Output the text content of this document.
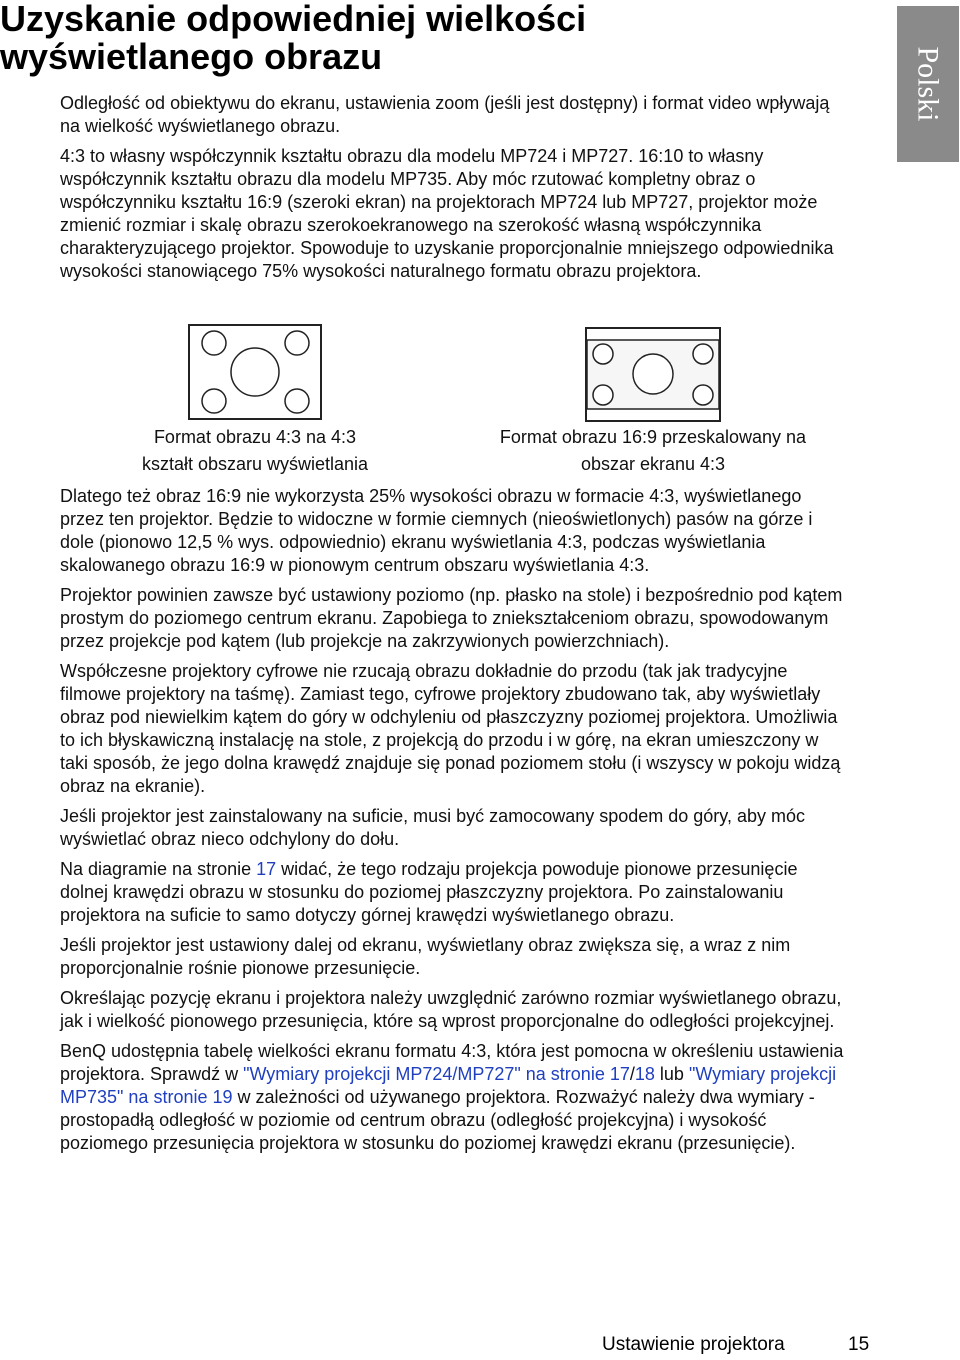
Uzyskanie odpowiedniej wielkości
wyświetlanego obrazu	Polski

Odległość od obiektywu do ekranu, ustawienia zoom (jeśli jest dostępny) i format video wpływają na wielkość wyświetlanego obrazu.

4:3 to własny współczynnik kształtu obrazu dla modelu MP724 i MP727. 16:10 to własny współczynnik kształtu obrazu dla modelu MP735. Aby móc rzutować kompletny obraz o współczynniku kształtu 16:9 (szeroki ekran) na projektorach MP724 lub MP727, projektor może zmienić rozmiar i skalę obrazu szerokoekranowego na szerokość własną współczynnika charakteryzującego projektor. Spowoduje to uzyskanie proporcjonalnie mniejszego odpowiednika wysokości stanowiącego 75% wysokości naturalnego formatu obrazu projektora.

Format obrazu 4:3 na 4:3
kształt obszaru wyświetlania
Format obrazu 16:9 przeskalowany na
obszar ekranu 4:3

Dlatego też obraz 16:9 nie wykorzysta 25% wysokości obrazu w formacie 4:3, wyświetlanego przez ten projektor. Będzie to widoczne w formie ciemnych (nieoświetlonych) pasów na górze i dole (pionowo 12,5 % wys. odpowiednio) ekranu wyświetlania 4:3, podczas wyświetlania skalowanego obrazu 16:9 w pionowym centrum obszaru wyświetlania 4:3.

Projektor powinien zawsze być ustawiony poziomo (np. płasko na stole) i bezpośrednio pod kątem prostym do poziomego centrum ekranu. Zapobiega to zniekształceniom obrazu, spowodowanym przez projekcje pod kątem (lub projekcje na zakrzywionych powierzchniach).

Współczesne projektory cyfrowe nie rzucają obrazu dokładnie do przodu (tak jak tradycyjne filmowe projektory na taśmę). Zamiast tego, cyfrowe projektory zbudowano tak, aby wyświetlały obraz pod niewielkim kątem do góry w odchyleniu od płaszczyzny poziomej projektora. Umożliwia to ich błyskawiczną instalację na stole, z projekcją do przodu i w górę, na ekran umieszczony w taki sposób, że jego dolna krawędź znajduje się ponad poziomem stołu (i wszyscy w pokoju widzą obraz na ekranie).

Jeśli projektor jest zainstalowany na suficie, musi być zamocowany spodem do góry, aby móc wyświetlać obraz nieco odchylony do dołu.

Na diagramie na stronie 17 widać, że tego rodzaju projekcja powoduje pionowe przesunięcie dolnej krawędzi obrazu w stosunku do poziomej płaszczyzny projektora. Po zainstalowaniu projektora na suficie to samo dotyczy górnej krawędzi wyświetlanego obrazu.

Jeśli projektor jest ustawiony dalej od ekranu, wyświetlany obraz zwiększa się, a wraz z nim proporcjonalnie rośnie pionowe przesunięcie.

Określając pozycję ekranu i projektora należy uwzględnić zarówno rozmiar wyświetlanego obrazu, jak i wielkość pionowego przesunięcia, które są wprost proporcjonalne do odległości projekcyjnej.

BenQ udostępnia tabelę wielkości ekranu formatu 4:3, która jest pomocna w określeniu ustawienia projektora. Sprawdź w "Wymiary projekcji MP724/MP727" na stronie 17/18 lub "Wymiary projekcji MP735" na stronie 19 w zależności od używanego projektora. Rozważyć należy dwa wymiary - prostopadłą odległość w poziomie od centrum obrazu (odległość projekcyjna) i wysokość poziomego przesunięcia projektora w stosunku do poziomej krawędzi ekranu (przesunięcie).

Ustawienie projektora	15
